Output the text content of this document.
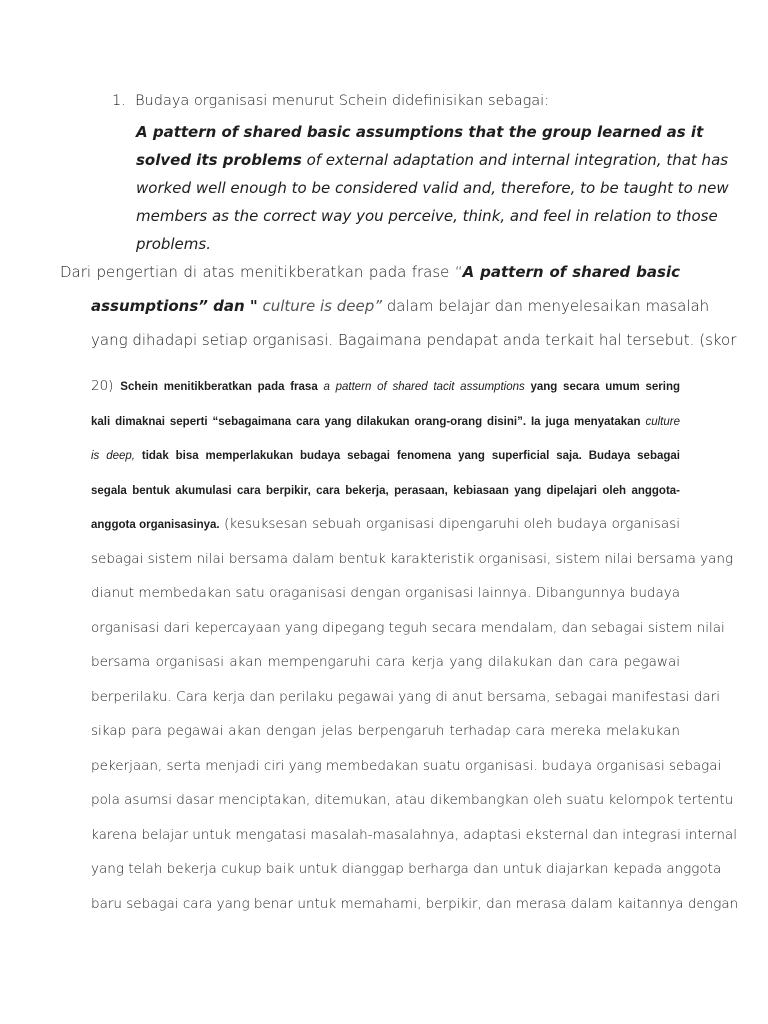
1. Budaya organisasi menurut Schein didefinisikan sebagai:
A pattern of shared basic assumptions that the group learned as it
solved its problems of external adaptation and internal integration, that has
worked well enough to be considered valid and, therefore, to be taught to new
members as the correct way you perceive, think, and feel in relation to those
problems.
Dari pengertian di atas menitikberatkan pada frase “A pattern of shared basic
assumptions” dan " culture is deep” dalam belajar dan menyelesaikan masalah
yang dihadapi setiap organisasi. Bagaimana pendapat anda terkait hal tersebut. (skor
20) Schein menitikberatkan pada frasa a pattern of shared tacit assumptions yang secara umum sering
kali dimaknai seperti “sebagaimana cara yang dilakukan orang-orang disini”. Ia juga menyatakan culture
is deep, tidak bisa memperlakukan budaya sebagai fenomena yang superficial saja. Budaya sebagai
segala bentuk akumulasi cara berpikir, cara bekerja, perasaan, kebiasaan yang dipelajari oleh anggota-
anggota organisasinya. (kesuksesan sebuah organisasi dipengaruhi oleh budaya organisasi
sebagai sistem nilai bersama dalam bentuk karakteristik organisasi, sistem nilai bersama yang
dianut membedakan satu oraganisasi dengan organisasi lainnya. Dibangunnya budaya
organisasi dari kepercayaan yang dipegang teguh secara mendalam, dan sebagai sistem nilai
bersama organisasi akan mempengaruhi cara kerja yang dilakukan dan cara pegawai
berperilaku. Cara kerja dan perilaku pegawai yang di anut bersama, sebagai manifestasi dari
sikap para pegawai akan dengan jelas berpengaruh terhadap cara mereka melakukan
pekerjaan, serta menjadi ciri yang membedakan suatu organisasi. budaya organisasi sebagai
pola asumsi dasar menciptakan, ditemukan, atau dikembangkan oleh suatu kelompok tertentu
karena belajar untuk mengatasi masalah-masalahnya, adaptasi eksternal dan integrasi internal
yang telah bekerja cukup baik untuk dianggap berharga dan untuk diajarkan kepada anggota
baru sebagai cara yang benar untuk memahami, berpikir, dan merasa dalam kaitannya dengan
